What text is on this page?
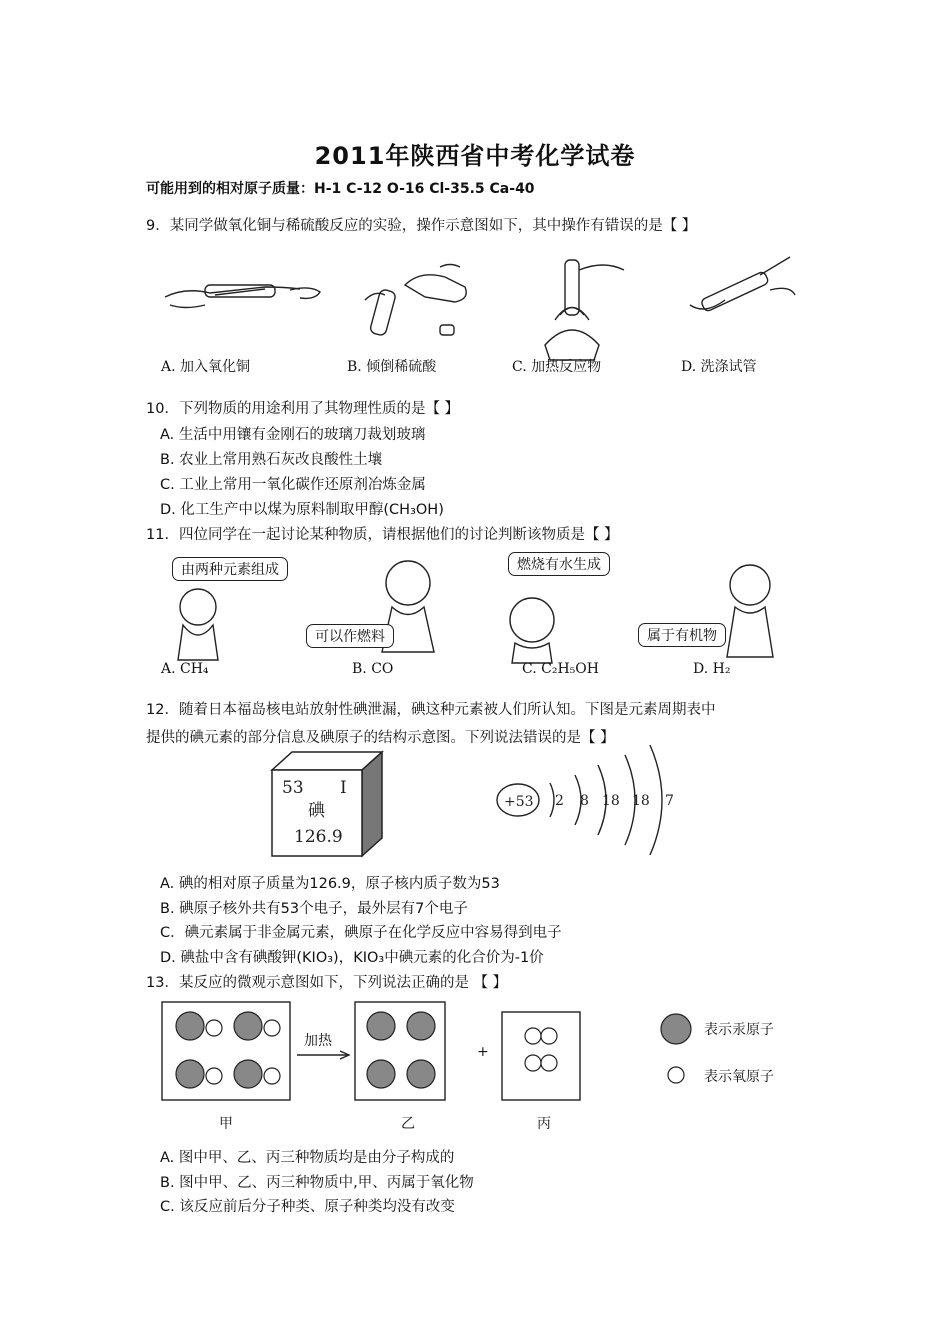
2011年陕西省中考化学试卷
可能用到的相对原子质量：H-1 C-12 O-16 Cl-35.5 Ca-40
9．某同学做氧化铜与稀硫酸反应的实验，操作示意图如下，其中操作有错误的是【 】
A. 加入氧化铜	B. 倾倒稀硫酸	C. 加热反应物	D. 洗涤试管
10．下列物质的用途利用了其物理性质的是【 】
A. 生活中用镶有金刚石的玻璃刀裁划玻璃
B. 农业上常用熟石灰改良酸性土壤
C. 工业上常用一氧化碳作还原剂冶炼金属
D. 化工生产中以煤为原料制取甲醇(CH₃OH)
11．四位同学在一起讨论某种物质，请根据他们的讨论判断该物质是【 】
由两种元素组成
可以作燃料
燃烧有水生成
属于有机物
A. CH₄	B. CO	C. C₂H₅OH	D. H₂
12．随着日本福岛核电站放射性碘泄漏，碘这种元素被人们所认知。下图是元素周期表中
提供的碘元素的部分信息及碘原子的结构示意图。下列说法错误的是【 】
53 I
碘
126.9
+53 2 8 18 18 7
A. 碘的相对原子质量为126.9，原子核内质子数为53
B. 碘原子核外共有53个电子，最外层有7个电子
C．碘元素属于非金属元素，碘原子在化学反应中容易得到电子
D. 碘盐中含有碘酸钾(KIO₃)，KIO₃中碘元素的化合价为-1价
13．某反应的微观示意图如下，下列说法正确的是 【 】
加热
+
表示汞原子
表示氧原子
甲	乙	丙
A. 图中甲、乙、丙三种物质均是由分子构成的
B. 图中甲、乙、丙三种物质中,甲、丙属于氧化物
C. 该反应前后分子种类、原子种类均没有改变
